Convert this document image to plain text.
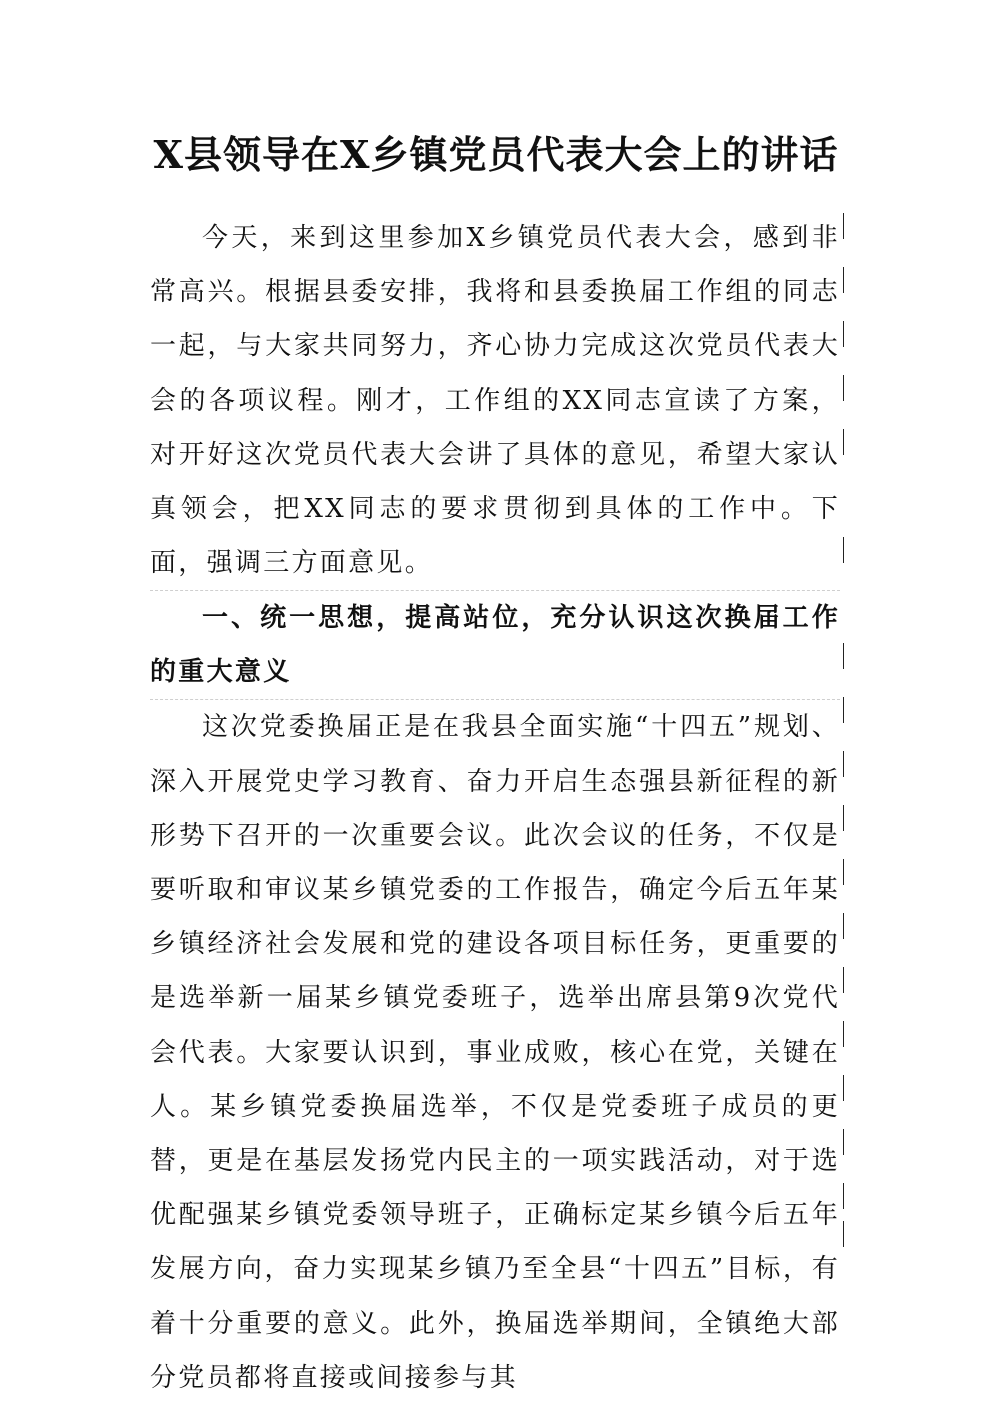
X县领导在X乡镇党员代表大会上的讲话

今天，来到这里参加X乡镇党员代表大会，感到非常高兴。根据县委安排，我将和县委换届工作组的同志一起，与大家共同努力，齐心协力完成这次党员代表大会的各项议程。刚才，工作组的XX同志宣读了方案，对开好这次党员代表大会讲了具体的意见，希望大家认真领会，把XX同志的要求贯彻到具体的工作中。下面，强调三方面意见。

一、统一思想，提高站位，充分认识这次换届工作的重大意义

这次党委换届正是在我县全面实施“十四五”规划、深入开展党史学习教育、奋力开启生态强县新征程的新形势下召开的一次重要会议。此次会议的任务，不仅是要听取和审议某乡镇党委的工作报告，确定今后五年某乡镇经济社会发展和党的建设各项目标任务，更重要的是选举新一届某乡镇党委班子，选举出席县第9次党代会代表。大家要认识到，事业成败，核心在党，关键在人。某乡镇党委换届选举，不仅是党委班子成员的更替，更是在基层发扬党内民主的一项实践活动，对于选优配强某乡镇党委领导班子，正确标定某乡镇今后五年发展方向，奋力实现某乡镇乃至全县“十四五”目标，有着十分重要的意义。此外，换届选举期间，全镇绝大部分党员都将直接或间接参与其
